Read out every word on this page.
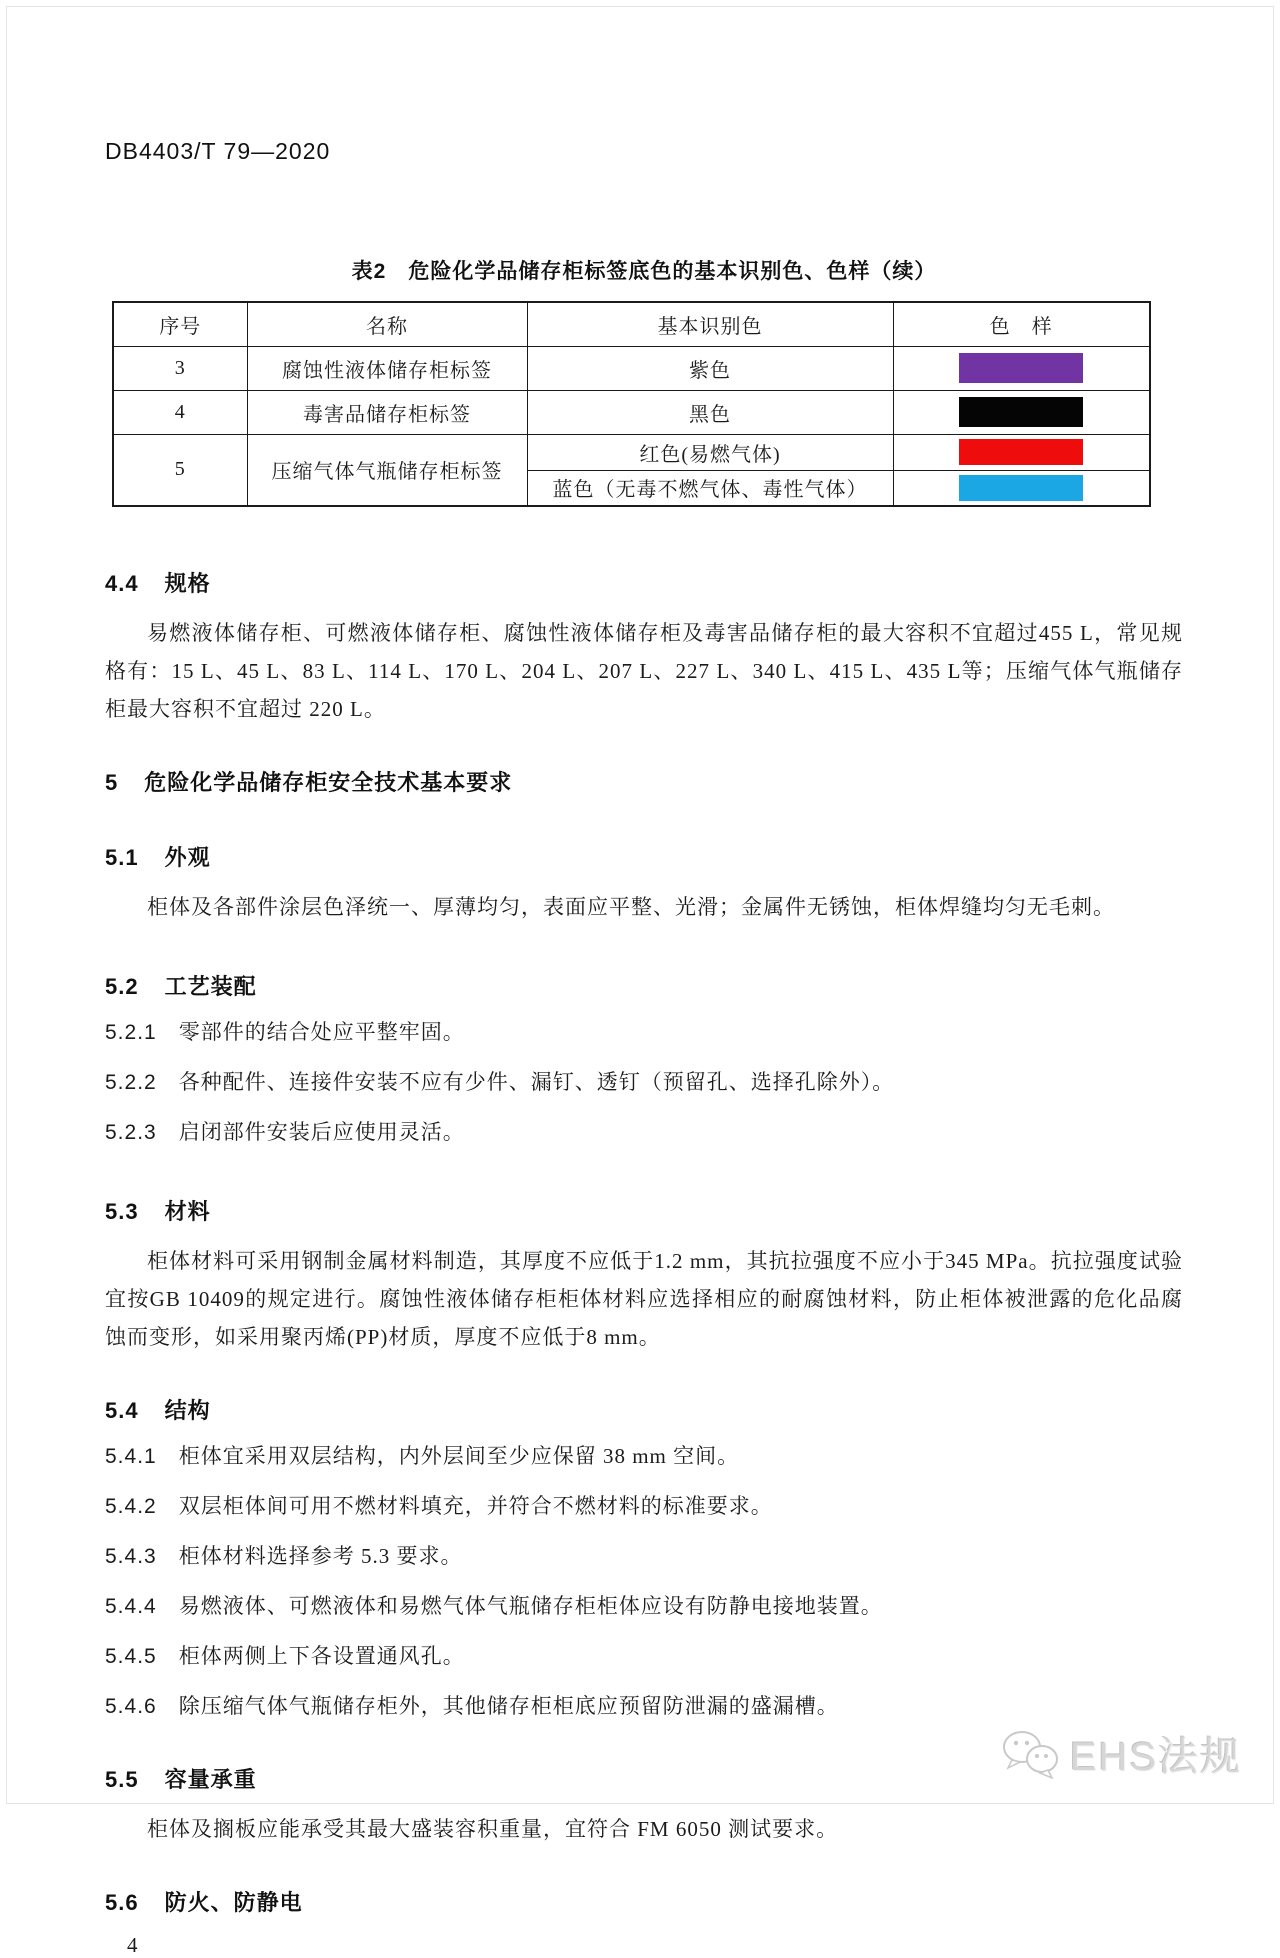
DB4403/T 79—2020
表2　危险化学品储存柜标签底色的基本识别色、色样（续）
序号	名称	基本识别色	色　样
3	腐蚀性液体储存柜标签	紫色	

4	毒害品储存柜标签	黑色	

5	压缩气体气瓶储存柜标签	红色(易燃气体)	

		蓝色（无毒不燃气体、毒性气体）	
4.4 规格

易燃液体储存柜、可燃液体储存柜、腐蚀性液体储存柜及毒害品储存柜的最大容积不宜超过455 L，常见规格有：15 L、45 L、83 L、114 L、170 L、204 L、207 L、227 L、340 L、415 L、435 L等；压缩气体气瓶储存柜最大容积不宜超过 220 L。

5 危险化学品储存柜安全技术基本要求
5.1 外观

柜体及各部件涂层色泽统一、厚薄均匀，表面应平整、光滑；金属件无锈蚀，柜体焊缝均匀无毛刺。

5.2 工艺装配
5.2.1 零部件的结合处应平整牢固。
5.2.2 各种配件、连接件安装不应有少件、漏钉、透钉（预留孔、选择孔除外）。
5.2.3 启闭部件安装后应使用灵活。
5.3 材料

柜体材料可采用钢制金属材料制造，其厚度不应低于1.2 mm，其抗拉强度不应小于345 MPa。抗拉强度试验宜按GB 10409的规定进行。腐蚀性液体储存柜柜体材料应选择相应的耐腐蚀材料，防止柜体被泄露的危化品腐蚀而变形，如采用聚丙烯(PP)材质，厚度不应低于8 mm。

5.4 结构
5.4.1 柜体宜采用双层结构，内外层间至少应保留 38 mm 空间。
5.4.2 双层柜体间可用不燃材料填充，并符合不燃材料的标准要求。
5.4.3 柜体材料选择参考 5.3 要求。
5.4.4 易燃液体、可燃液体和易燃气体气瓶储存柜柜体应设有防静电接地装置。
5.4.5 柜体两侧上下各设置通风孔。
5.4.6 除压缩气体气瓶储存柜外，其他储存柜柜底应预留防泄漏的盛漏槽。
5.5 容量承重

柜体及搁板应能承受其最大盛装容积重量，宜符合 FM 6050 测试要求。

5.6 防火、防静电
4
EHS法规
